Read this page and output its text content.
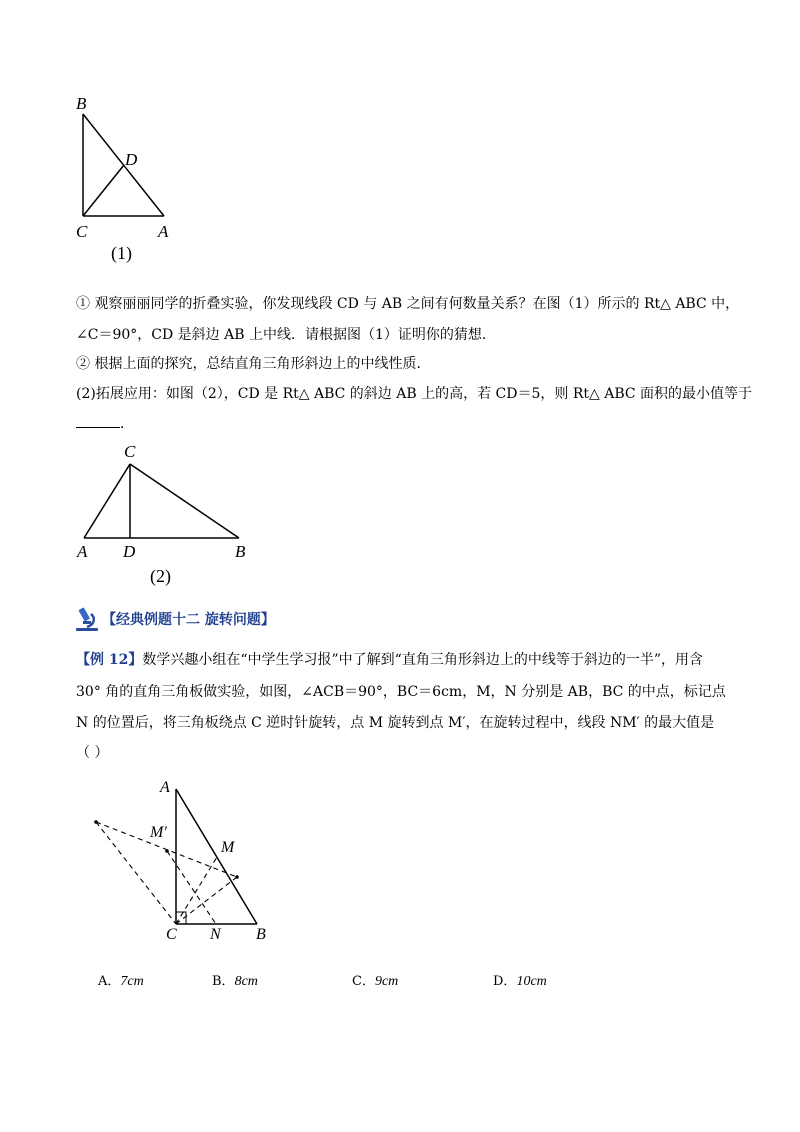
B
D
C	A
(1)
① 观察丽丽同学的折叠实验，你发现线段 CD 与 AB 之间有何数量关系？在图（1）所示的 Rt△ ABC 中，
∠C＝90°，CD 是斜边 AB 上中线．请根据图（1）证明你的猜想．
② 根据上面的探究，总结直角三角形斜边上的中线性质．
(2)拓展应用：如图（2），CD 是 Rt△ ABC 的斜边 AB 上的高，若 CD＝5，则 Rt△ ABC 面积的最小值等于
．
C
A D	B
(2)
【经典例题十二 旋转问题】
【例 12】数学兴趣小组在“中学生学习报”中了解到“直角三角形斜边上的中线等于斜边的一半”，用含
30° 角的直角三角板做实验，如图，∠ACB＝90°，BC＝6cm，M，N 分别是 AB，BC 的中点，标记点
N 的位置后，将三角板绕点 C 逆时针旋转，点 M 旋转到点 M′，在旋转过程中，线段 NM′ 的最大值是
（ ）
A
M′
M
C N B
A．7cm	B．8cm	C．9cm	D．10cm
